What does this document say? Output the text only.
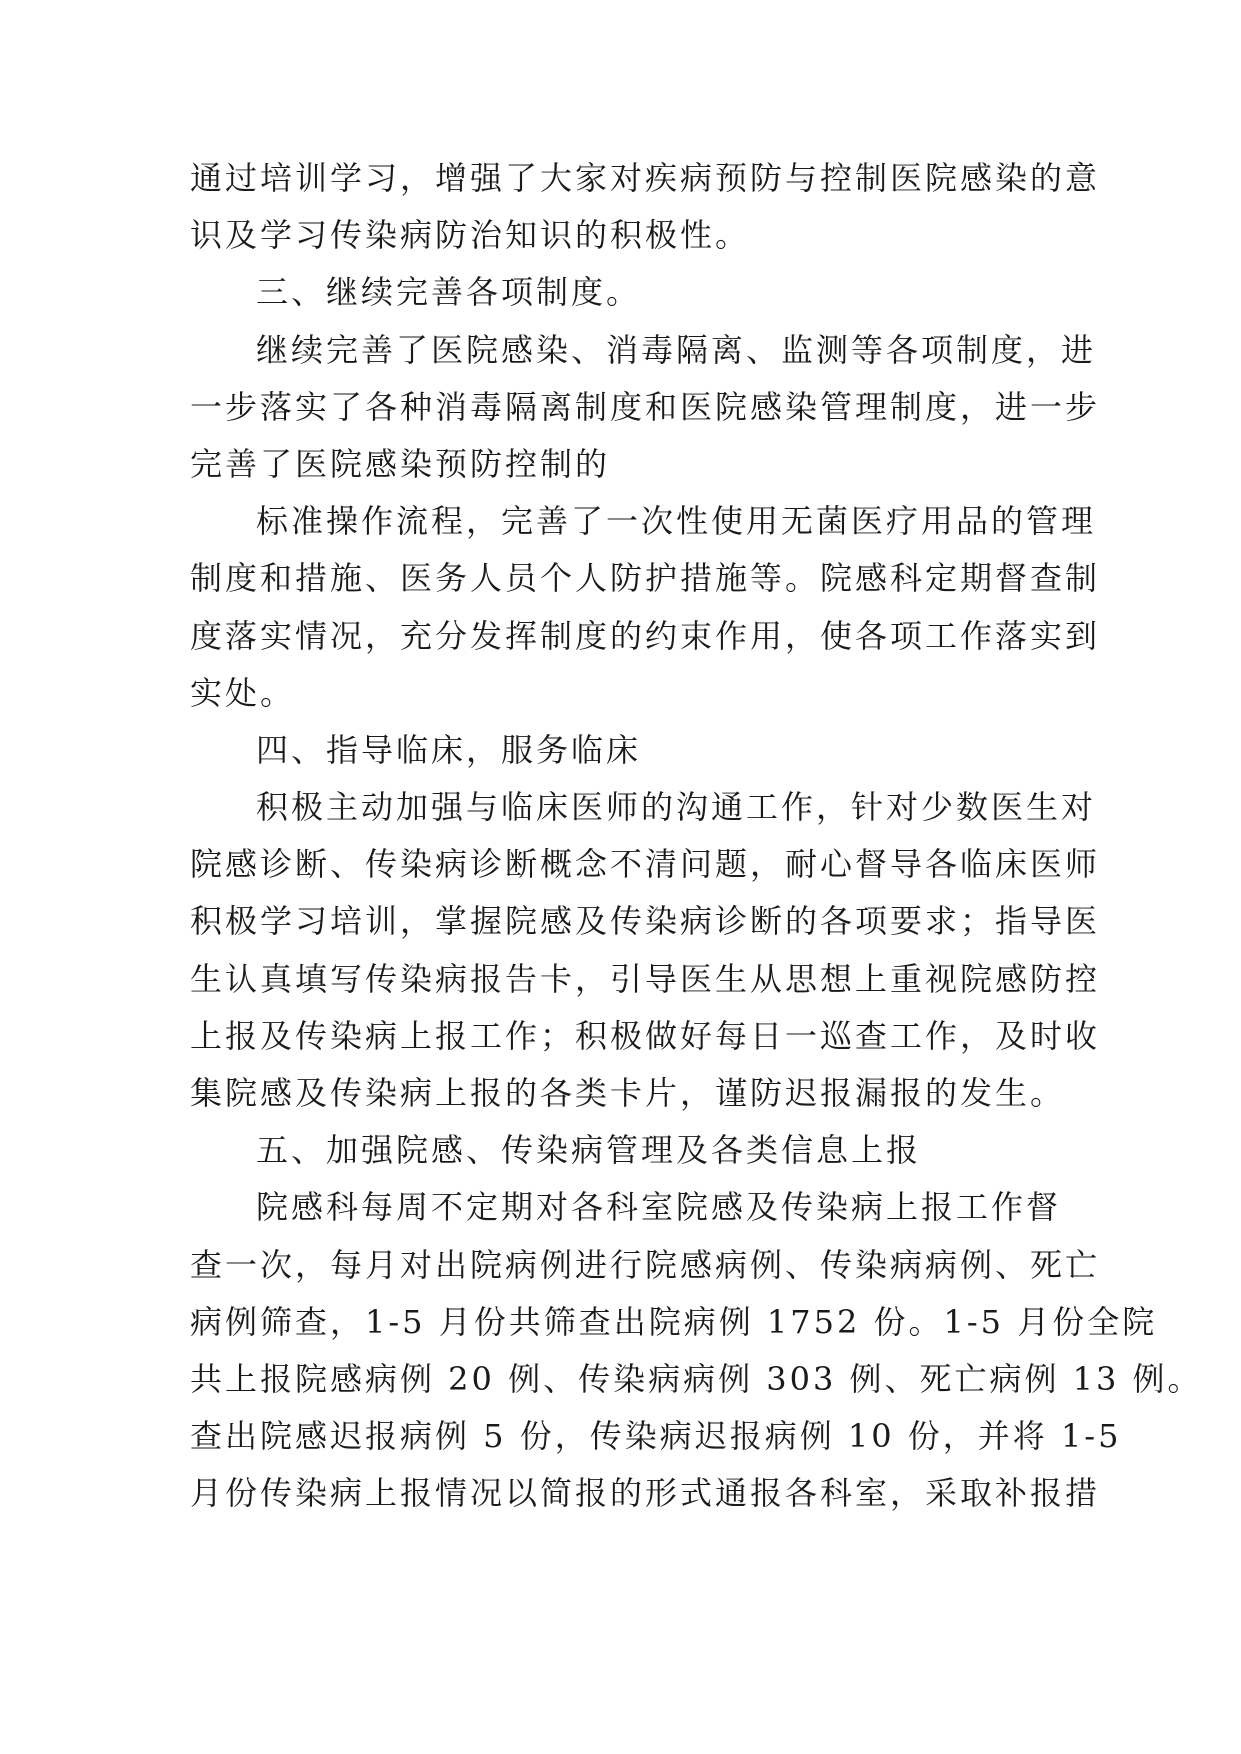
通过培训学习，增强了大家对疾病预防与控制医院感染的意
识及学习传染病防治知识的积极性。
三、继续完善各项制度。
继续完善了医院感染、消毒隔离、监测等各项制度，进
一步落实了各种消毒隔离制度和医院感染管理制度，进一步
完善了医院感染预防控制的
标准操作流程，完善了一次性使用无菌医疗用品的管理
制度和措施、医务人员个人防护措施等。院感科定期督查制
度落实情况，充分发挥制度的约束作用，使各项工作落实到
实处。
四、指导临床，服务临床
积极主动加强与临床医师的沟通工作，针对少数医生对
院感诊断、传染病诊断概念不清问题，耐心督导各临床医师
积极学习培训，掌握院感及传染病诊断的各项要求；指导医
生认真填写传染病报告卡，引导医生从思想上重视院感防控
上报及传染病上报工作；积极做好每日一巡查工作，及时收
集院感及传染病上报的各类卡片，谨防迟报漏报的发生。
五、加强院感、传染病管理及各类信息上报
院感科每周不定期对各科室院感及传染病上报工作督
查一次，每月对出院病例进行院感病例、传染病病例、死亡
病例筛查，1-5 月份共筛查出院病例 1752 份。1-5 月份全院
共上报院感病例 20 例、传染病病例 303 例、死亡病例 13 例。
查出院感迟报病例 5 份，传染病迟报病例 10 份，并将 1-5
月份传染病上报情况以简报的形式通报各科室，采取补报措
